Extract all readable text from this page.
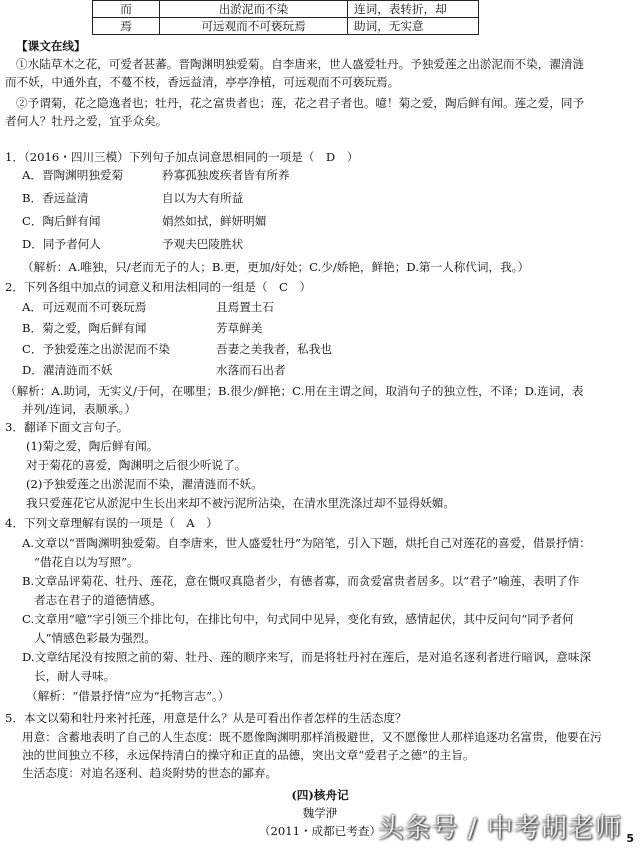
而	出淤泥而不染	连词，表转折，却
焉	可远观而不可亵玩焉	助词，无实意
【课文在线】
①水陆草木之花，可爱者甚蕃。晋陶渊明独爱菊。自李唐来，世人盛爱牡丹。予独爱莲之出淤泥而不染，濯清涟
而不妖，中通外直，不蔓不枝，香远益清，亭亭净植，可远观而不可亵玩焉。
②予谓菊，花之隐逸者也；牡丹，花之富贵者也；莲，花之君子者也。噫！菊之爱，陶后鲜有闻。莲之爱，同予
者何人？牡丹之爱，宜乎众矣。
1．（2016・四川三模）下列句子加点词意思相同的一项是（　D　）
A．晋陶渊明独爱菊	矜寡孤独废疾者皆有所养
B．香远益清	自以为大有所益
C．陶后鲜有闻	娟然如拭，鲜妍明媚
D．同予者何人	予观夫巴陵胜状
（解析：A.唯独，只/老而无子的人；B.更，更加/好处；C.少/娇艳，鲜艳；D.第一人称代词，我。）
2．下列各组中加点的词意义和用法相同的一组是（　C　）
A．可远观而不可亵玩焉	且焉置土石
B．菊之爱，陶后鲜有闻	芳草鲜美
C．予独爱莲之出淤泥而不染	吾妻之美我者，私我也
D．濯清涟而不妖	水落而石出者
（解析：A.助词，无实义/于何，在哪里；B.很少/鲜艳；C.用在主谓之间，取消句子的独立性，不译；D.连词，表
并列/连词，表顺承。）
3．翻译下面文言句子。
(1)菊之爱，陶后鲜有闻。
对于菊花的喜爱，陶渊明之后很少听说了。
(2)予独爱莲之出淤泥而不染，濯清涟而不妖。
我只爱莲花它从淤泥中生长出来却不被污泥所沾染，在清水里洗涤过却不显得妖媚。
4．下列文章理解有误的一项是（　A　）
A.文章以“晋陶渊明独爱菊。自李唐来，世人盛爱牡丹”为陪笔，引入下题，烘托自己对莲花的喜爱，借景抒情：
“借花自以为写照”。
B.文章品评菊花、牡丹、莲花，意在慨叹真隐者少，有德者寡，而贪爱富贵者居多。以“君子”喻莲，表明了作
者志在君子的道德情感。
C.文章用“噫”字引领三个排比句，在排比句中，句式同中见异，变化有致，感情起伏，其中反问句“同予者何
人”情感色彩最为强烈。
D.文章结尾没有按照之前的菊、牡丹、莲的顺序来写，而是将牡丹衬在莲后，是对追名逐利者进行暗讽，意味深
长，耐人寻味。
（解析：“借景抒情”应为“托物言志”。）
5．本文以菊和牡丹来衬托莲，用意是什么？从是可看出作者怎样的生活态度？
用意：含蓄地表明了自己的人生态度：既不愿像陶渊明那样消极避世，又不愿像世人那样追逐功名富贵，他要在污
浊的世间独立不移，永远保持清白的操守和正直的品德，突出文章“爱君子之德”的主旨。
生活态度：对追名逐利、趋炎附势的世态的鄙弃。
(四)核舟记
魏学洢
（2011・成都已考查）
头条号 / 中考胡老师 5
